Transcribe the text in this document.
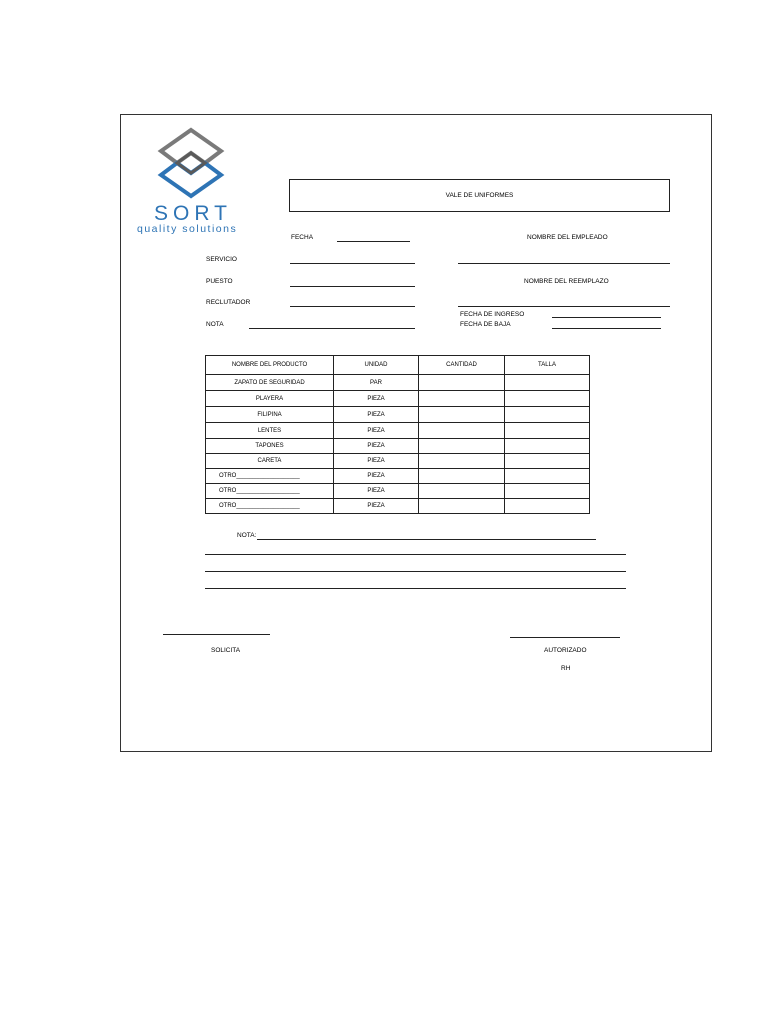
SORT
quality solutions
VALE DE UNIFORMES
FECHA	NOMBRE DEL EMPLEADO
SERVICIO
PUESTO	NOMBRE DEL REEMPLAZO
RECLUTADOR
FECHA DE INGRESO
FECHA DE BAJA
NOTA
NOMBRE DEL PRODUCTO	UNIDAD	CANTIDAD	TALLA
ZAPATO DE SEGURIDAD	PAR		
PLAYERA	PIEZA		
FILIPINA	PIEZA		
LENTES	PIEZA		
TAPONES	PIEZA		
CARETA	PIEZA		
OTRO___________________	PIEZA		
OTRO___________________	PIEZA		
OTRO___________________	PIEZA		
NOTA:
SOLICITA	AUTORIZADO
RH
